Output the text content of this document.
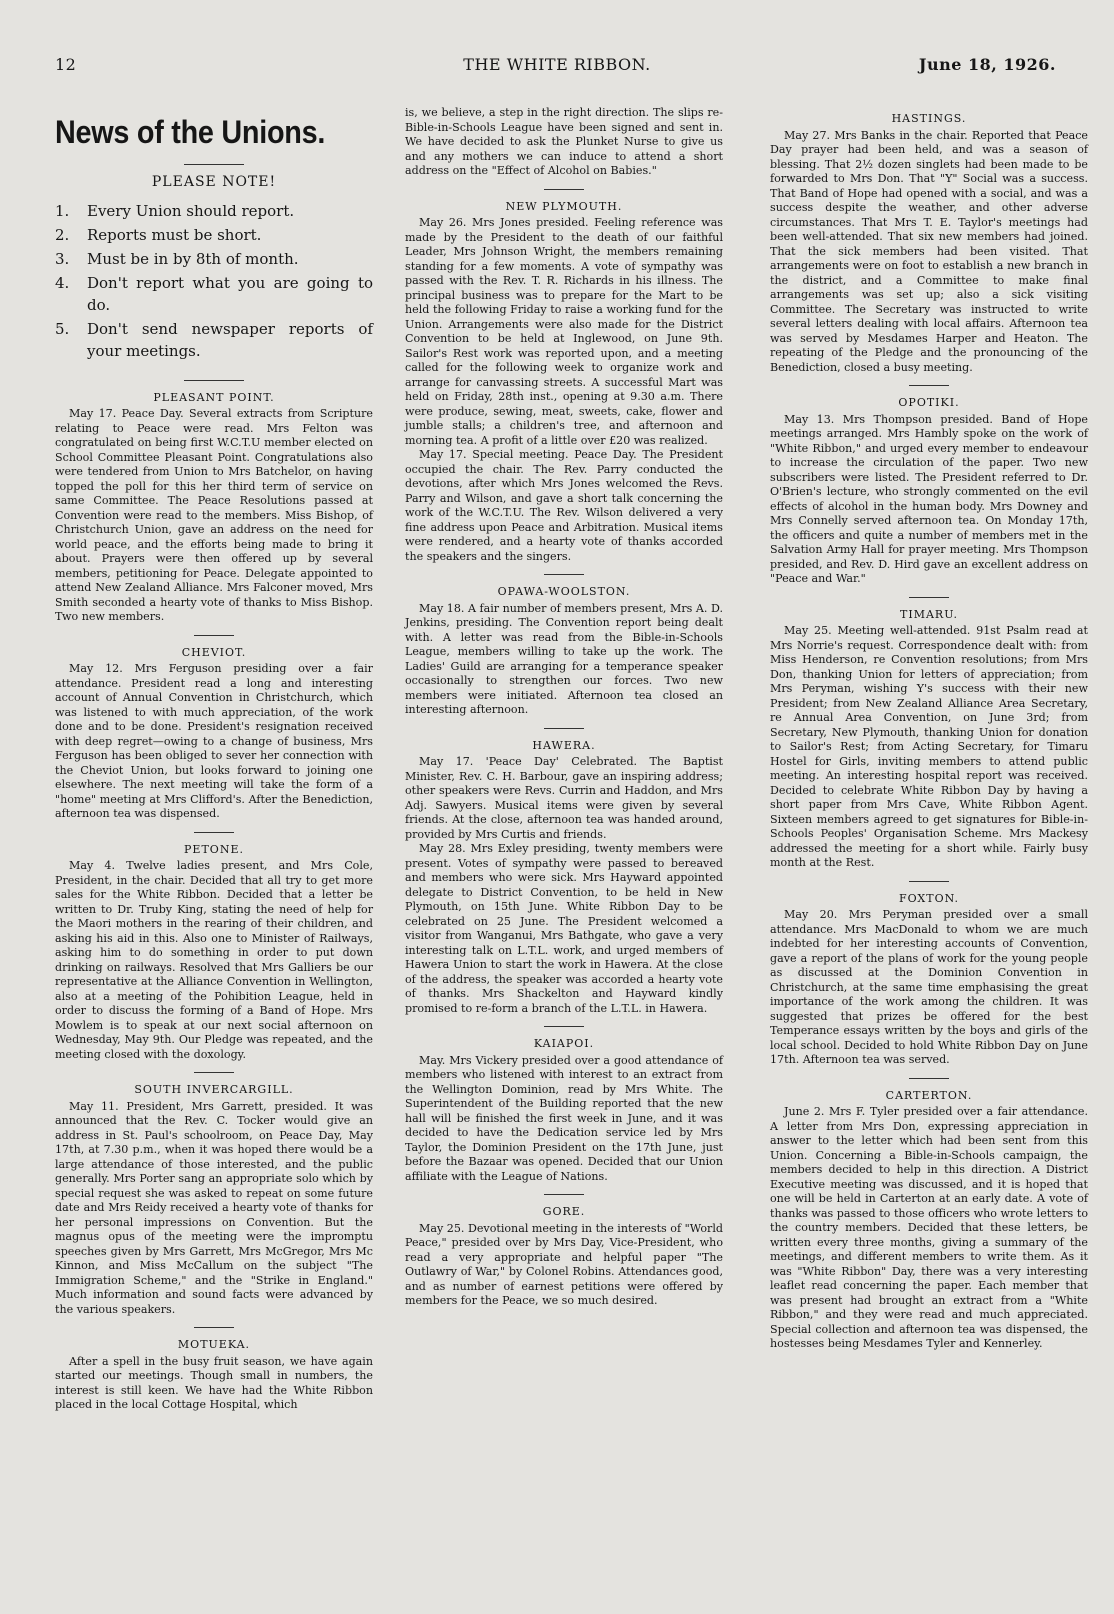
12	THE WHITE RIBBON.	June 18, 1926.
News of the Unions.
PLEASE NOTE!
1.	Every Union should report.
2.	Reports must be short.
3.	Must be in by 8th of month.
4.	Don't report what you are going to do.
5.	Don't send newspaper reports of your meetings.
PLEASANT POINT.

May 17. Peace Day. Several extracts from Scripture relating to Peace were read. Mrs Felton was congratulated on being first W.C.T.U member elected on School Committee Pleasant Point. Congratulations also were tendered from Union to Mrs Batchelor, on having topped the poll for this her third term of service on same Committee. The Peace Resolutions passed at Convention were read to the members. Miss Bishop, of Christchurch Union, gave an address on the need for world peace, and the efforts being made to bring it about. Prayers were then offered up by several members, petitioning for Peace. Delegate appointed to attend New Zealand Alliance. Mrs Falconer moved, Mrs Smith seconded a hearty vote of thanks to Miss Bishop. Two new members.

CHEVIOT.

May 12. Mrs Ferguson presiding over a fair attendance. President read a long and interesting account of Annual Convention in Christchurch, which was listened to with much appreciation, of the work done and to be done. President's resignation received with deep regret—owing to a change of business, Mrs Ferguson has been obliged to sever her connection with the Cheviot Union, but looks forward to joining one elsewhere. The next meeting will take the form of a "home" meeting at Mrs Clifford's. After the Benediction, afternoon tea was dispensed.

PETONE.

May 4. Twelve ladies present, and Mrs Cole, President, in the chair. Decided that all try to get more sales for the White Ribbon. Decided that a letter be written to Dr. Truby King, stating the need of help for the Maori mothers in the rearing of their children, and asking his aid in this. Also one to Minister of Railways, asking him to do something in order to put down drinking on railways. Resolved that Mrs Galliers be our representative at the Alliance Convention in Wellington, also at a meeting of the Pohibition League, held in order to discuss the forming of a Band of Hope. Mrs Mowlem is to speak at our next social afternoon on Wednesday, May 9th. Our Pledge was repeated, and the meeting closed with the doxology.

SOUTH INVERCARGILL.

May 11. President, Mrs Garrett, presided. It was announced that the Rev. C. Tocker would give an address in St. Paul's schoolroom, on Peace Day, May 17th, at 7.30 p.m., when it was hoped there would be a large attendance of those interested, and the public generally. Mrs Porter sang an appropriate solo which by special request she was asked to repeat on some future date and Mrs Reidy received a hearty vote of thanks for her personal impressions on Convention. But the magnus opus of the meeting were the impromptu speeches given by Mrs Garrett, Mrs McGregor, Mrs Mc Kinnon, and Miss McCallum on the subject "The Immigration Scheme," and the "Strike in England." Much information and sound facts were advanced by the various speakers.

MOTUEKA.

After a spell in the busy fruit season, we have again started our meetings. Though small in numbers, the interest is still keen. We have had the White Ribbon placed in the local Cottage Hospital, which

is, we believe, a step in the right direction. The slips re-Bible-in-Schools League have been signed and sent in. We have decided to ask the Plunket Nurse to give us and any mothers we can induce to attend a short address on the "Effect of Alcohol on Babies."

NEW PLYMOUTH.

May 26. Mrs Jones presided. Feeling reference was made by the President to the death of our faithful Leader, Mrs Johnson Wright, the members remaining standing for a few moments. A vote of sympathy was passed with the Rev. T. R. Richards in his illness. The principal business was to prepare for the Mart to be held the following Friday to raise a working fund for the Union. Arrangements were also made for the District Convention to be held at Inglewood, on June 9th. Sailor's Rest work was reported upon, and a meeting called for the following week to organize work and arrange for canvassing streets. A successful Mart was held on Friday, 28th inst., opening at 9.30 a.m. There were produce, sewing, meat, sweets, cake, flower and jumble stalls; a children's tree, and afternoon and morning tea. A profit of a little over £20 was realized.

May 17. Special meeting. Peace Day. The President occupied the chair. The Rev. Parry conducted the devotions, after which Mrs Jones welcomed the Revs. Parry and Wilson, and gave a short talk concerning the work of the W.C.T.U. The Rev. Wilson delivered a very fine address upon Peace and Arbitration. Musical items were rendered, and a hearty vote of thanks accorded the speakers and the singers.

OPAWA-WOOLSTON.

May 18. A fair number of members present, Mrs A. D. Jenkins, presiding. The Convention report being dealt with. A letter was read from the Bible-in-Schools League, members willing to take up the work. The Ladies' Guild are arranging for a temperance speaker occasionally to strengthen our forces. Two new members were initiated. Afternoon tea closed an interesting afternoon.

HAWERA.

May 17. 'Peace Day' Celebrated. The Baptist Minister, Rev. C. H. Barbour, gave an inspiring address; other speakers were Revs. Currin and Haddon, and Mrs Adj. Sawyers. Musical items were given by several friends. At the close, afternoon tea was handed around, provided by Mrs Curtis and friends.

May 28. Mrs Exley presiding, twenty members were present. Votes of sympathy were passed to bereaved and members who were sick. Mrs Hayward appointed delegate to District Convention, to be held in New Plymouth, on 15th June. White Ribbon Day to be celebrated on 25 June. The President welcomed a visitor from Wanganui, Mrs Bathgate, who gave a very interesting talk on L.T.L. work, and urged members of Hawera Union to start the work in Hawera. At the close of the address, the speaker was accorded a hearty vote of thanks. Mrs Shackelton and Hayward kindly promised to re-form a branch of the L.T.L. in Hawera.

KAIAPOI.

May. Mrs Vickery presided over a good attendance of members who listened with interest to an extract from the Wellington Dominion, read by Mrs White. The Superintendent of the Building reported that the new hall will be finished the first week in June, and it was decided to have the Dedication service led by Mrs Taylor, the Dominion President on the 17th June, just before the Bazaar was opened. Decided that our Union affiliate with the League of Nations.

GORE.

May 25. Devotional meeting in the interests of "World Peace," presided over by Mrs Day, Vice-President, who read a very appropriate and helpful paper "The Outlawry of War," by Colonel Robins. Attendances good, and as number of earnest petitions were offered by members for the Peace, we so much desired.

HASTINGS.

May 27. Mrs Banks in the chair. Reported that Peace Day prayer had been held, and was a season of blessing. That 2½ dozen singlets had been made to be forwarded to Mrs Don. That "Y" Social was a success. That Band of Hope had opened with a social, and was a success despite the weather, and other adverse circumstances. That Mrs T. E. Taylor's meetings had been well-attended. That six new members had joined. That the sick members had been visited. That arrangements were on foot to establish a new branch in the district, and a Committee to make final arrangements was set up; also a sick visiting Committee. The Secretary was instructed to write several letters dealing with local affairs. Afternoon tea was served by Mesdames Harper and Heaton. The repeating of the Pledge and the pronouncing of the Benediction, closed a busy meeting.

OPOTIKI.

May 13. Mrs Thompson presided. Band of Hope meetings arranged. Mrs Hambly spoke on the work of "White Ribbon," and urged every member to endeavour to increase the circulation of the paper. Two new subscribers were listed. The President referred to Dr. O'Brien's lecture, who strongly commented on the evil effects of alcohol in the human body. Mrs Downey and Mrs Connelly served afternoon tea. On Monday 17th, the officers and quite a number of members met in the Salvation Army Hall for prayer meeting. Mrs Thompson presided, and Rev. D. Hird gave an excellent address on "Peace and War."

TIMARU.

May 25. Meeting well-attended. 91st Psalm read at Mrs Norrie's request. Correspondence dealt with: from Miss Henderson, re Convention resolutions; from Mrs Don, thanking Union for letters of appreciation; from Mrs Peryman, wishing Y's success with their new President; from New Zealand Alliance Area Secretary, re Annual Area Convention, on June 3rd; from Secretary, New Plymouth, thanking Union for donation to Sailor's Rest; from Acting Secretary, for Timaru Hostel for Girls, inviting members to attend public meeting. An interesting hospital report was received. Decided to celebrate White Ribbon Day by having a short paper from Mrs Cave, White Ribbon Agent. Sixteen members agreed to get signatures for Bible-in-Schools Peoples' Organisation Scheme. Mrs Mackesy addressed the meeting for a short while. Fairly busy month at the Rest.

FOXTON.

May 20. Mrs Peryman presided over a small attendance. Mrs MacDonald to whom we are much indebted for her interesting accounts of Convention, gave a report of the plans of work for the young people as discussed at the Dominion Convention in Christchurch, at the same time emphasising the great importance of the work among the children. It was suggested that prizes be offered for the best Temperance essays written by the boys and girls of the local school. Decided to hold White Ribbon Day on June 17th. Afternoon tea was served.

CARTERTON.

June 2. Mrs F. Tyler presided over a fair attendance. A letter from Mrs Don, expressing appreciation in answer to the letter which had been sent from this Union. Concerning a Bible-in-Schools campaign, the members decided to help in this direction. A District Executive meeting was discussed, and it is hoped that one will be held in Carterton at an early date. A vote of thanks was passed to those officers who wrote letters to the country members. Decided that these letters, be written every three months, giving a summary of the meetings, and different members to write them. As it was "White Ribbon" Day, there was a very interesting leaflet read concerning the paper. Each member that was present had brought an extract from a "White Ribbon," and they were read and much appreciated. Special collection and afternoon tea was dispensed, the hostesses being Mesdames Tyler and Kennerley.
